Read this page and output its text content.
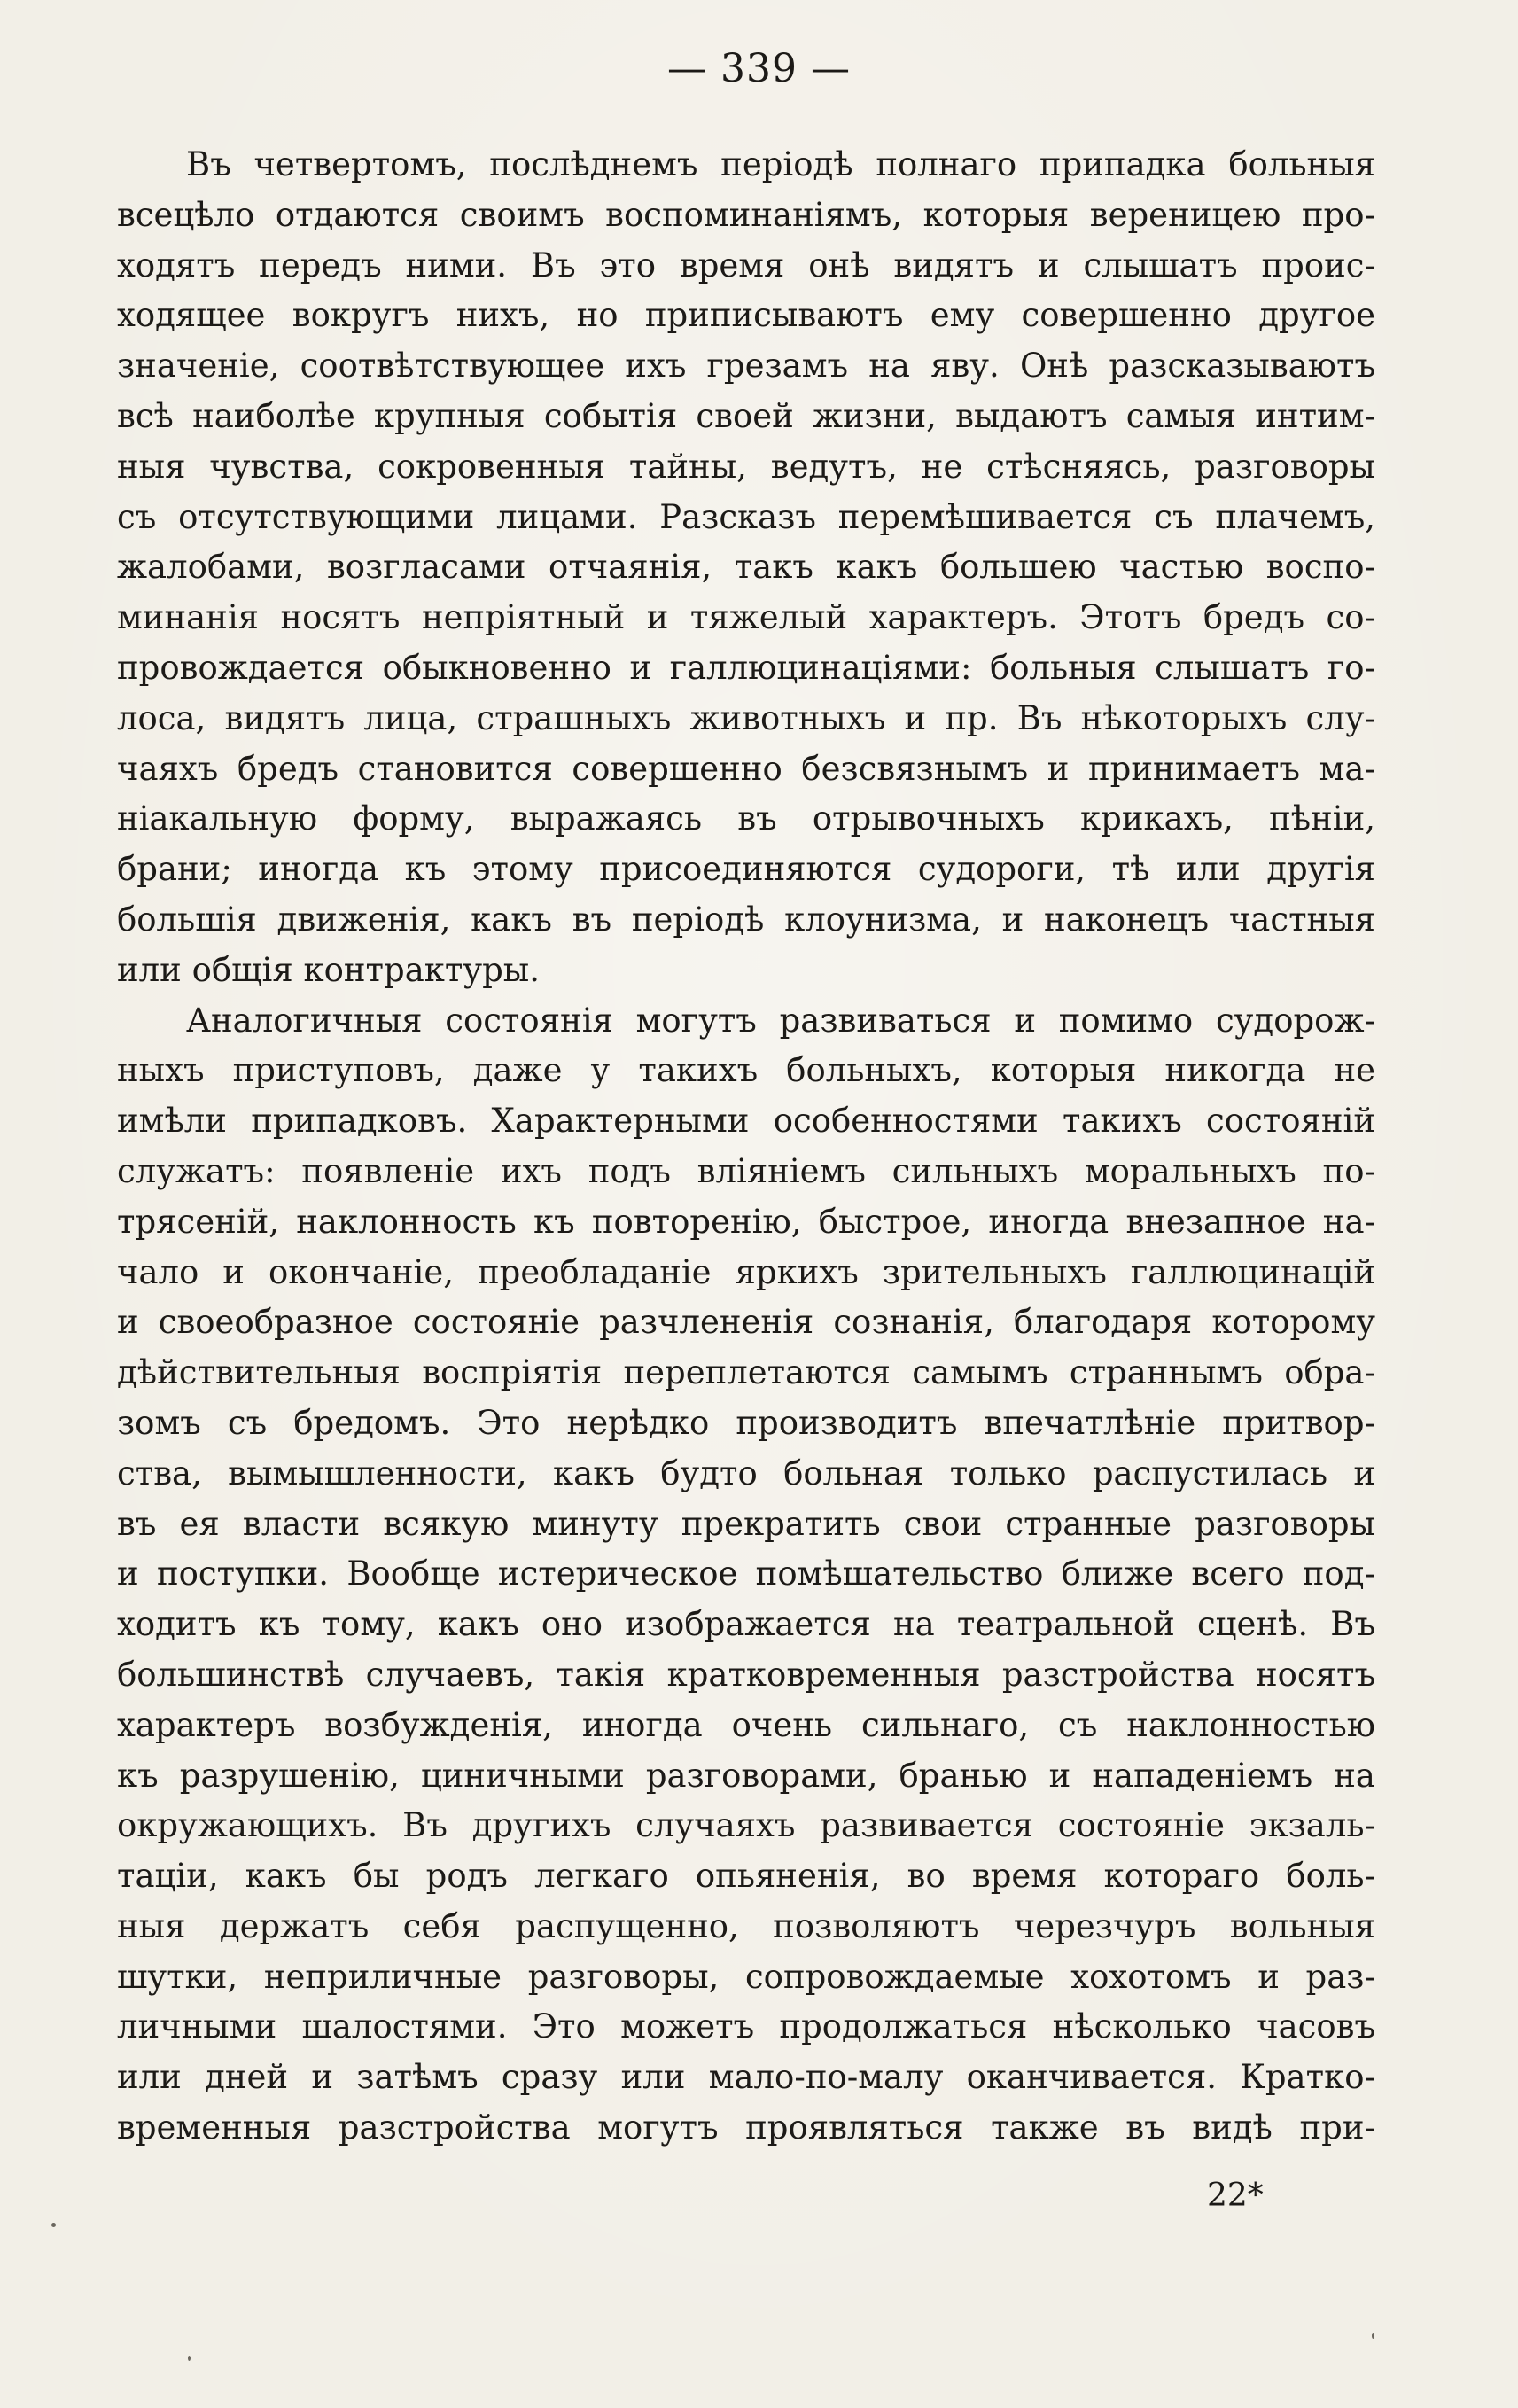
— 339 —
Въ четвертомъ, послѣднемъ періодѣ полнаго припадка больныя
всецѣло отдаются своимъ воспоминаніямъ, которыя вереницею про-
ходятъ передъ ними. Въ это время онѣ видятъ и слышатъ проис-
ходящее вокругъ нихъ, но приписываютъ ему совершенно другое
значеніе, соотвѣтствующее ихъ грезамъ на яву. Онѣ разсказываютъ
всѣ наиболѣе крупныя событія своей жизни, выдаютъ самыя интим-
ныя чувства, сокровенныя тайны, ведутъ, не стѣсняясь, разговоры
съ отсутствующими лицами. Разсказъ перемѣшивается съ плачемъ,
жалобами, возгласами отчаянія, такъ какъ большею частью воспо-
минанія носятъ непріятный и тяжелый характеръ. Этотъ бредъ со-
провождается обыкновенно и галлюцинаціями: больныя слышатъ го-
лоса, видятъ лица, страшныхъ животныхъ и пр. Въ нѣкоторыхъ слу-
чаяхъ бредъ становится совершенно безсвязнымъ и принимаетъ ма-
ніакальную форму, выражаясь въ отрывочныхъ крикахъ, пѣніи,
брани; иногда къ этому присоединяются судороги, тѣ или другія
большія движенія, какъ въ періодѣ клоунизма, и наконецъ частныя
или общія контрактуры.
Аналогичныя состоянія могутъ развиваться и помимо судорож-
ныхъ приступовъ, даже у такихъ больныхъ, которыя никогда не
имѣли припадковъ. Характерными особенностями такихъ состояній
служатъ: появленіе ихъ подъ вліяніемъ сильныхъ моральныхъ по-
трясеній, наклонность къ повторенію, быстрое, иногда внезапное на-
чало и окончаніе, преобладаніе яркихъ зрительныхъ галлюцинацій
и своеобразное состояніе разчлененія сознанія, благодаря которому
дѣйствительныя воспріятія переплетаются самымъ страннымъ обра-
зомъ съ бредомъ. Это нерѣдко производитъ впечатлѣніе притвор-
ства, вымышленности, какъ будто больная только распустилась и
въ ея власти всякую минуту прекратить свои странные разговоры
и поступки. Вообще истерическое помѣшательство ближе всего под-
ходитъ къ тому, какъ оно изображается на театральной сценѣ. Въ
большинствѣ случаевъ, такія кратковременныя разстройства носятъ
характеръ возбужденія, иногда очень сильнаго, съ наклонностью
къ разрушенію, циничными разговорами, бранью и нападеніемъ на
окружающихъ. Въ другихъ случаяхъ развивается состояніе экзаль-
таціи, какъ бы родъ легкаго опьяненія, во время котораго боль-
ныя держатъ себя распущенно, позволяютъ черезчуръ вольныя
шутки, неприличные разговоры, сопровождаемые хохотомъ и раз-
личными шалостями. Это можетъ продолжаться нѣсколько часовъ
или дней и затѣмъ сразу или мало-по-малу оканчивается. Кратко-
временныя разстройства могутъ проявляться также въ видѣ при-
22*
